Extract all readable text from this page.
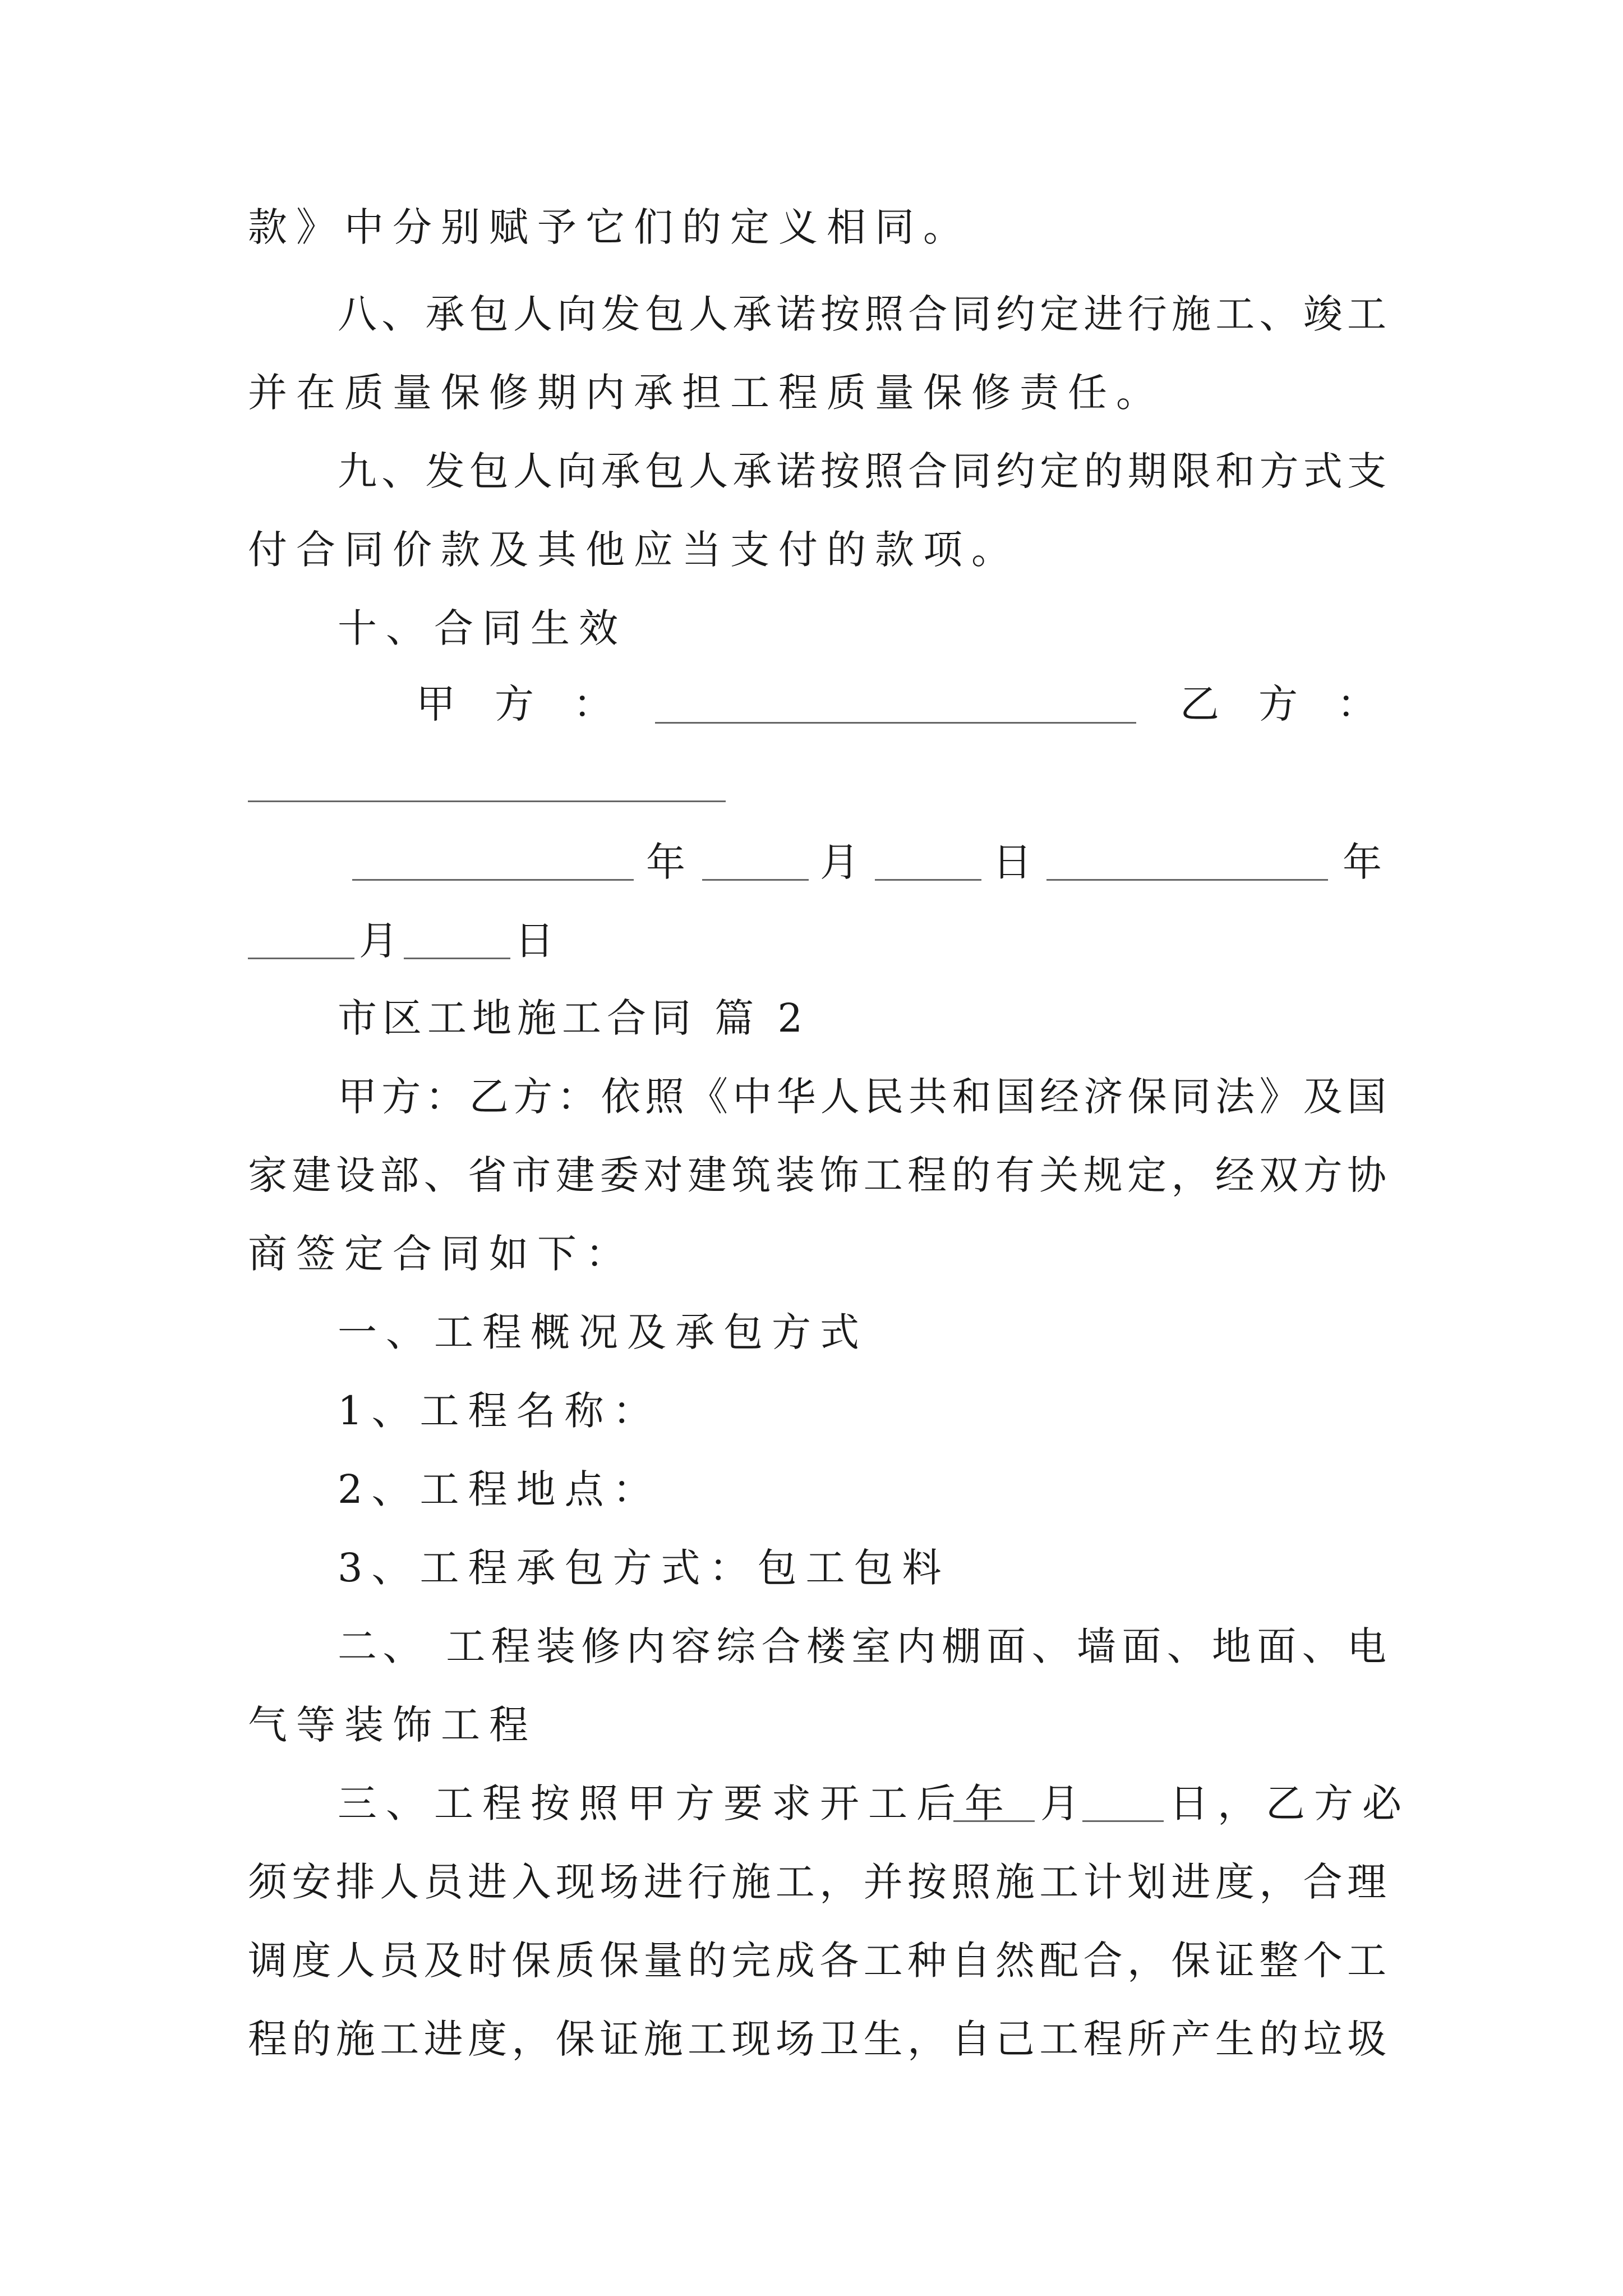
款》中分别赋予它们的定义相同。
八、承包人向发包人承诺按照合同约定进行施工、竣工
并在质量保修期内承担工程质量保修责任。
九、发包人向承包人承诺按照合同约定的期限和方式支
付合同价款及其他应当支付的款项。
十、合同生效
甲　方　：	乙　方　：
年	月	日	年
月	日
市区工地施工合同 篇 2
甲方：乙方：依照《中华人民共和国经济保同法》及国
家建设部、省市建委对建筑装饰工程的有关规定，经双方协
商签定合同如下：
一、工程概况及承包方式
1、工程名称：
2、工程地点：
3、工程承包方式：包工包料
二、 工程装修内容综合楼室内棚面、墙面、地面、电
气等装饰工程
三、工程按照甲方要求开工后年 月 日，乙方必
须安排人员进入现场进行施工，并按照施工计划进度，合理
调度人员及时保质保量的完成各工种自然配合，保证整个工
程的施工进度，保证施工现场卫生，自己工程所产生的垃圾
